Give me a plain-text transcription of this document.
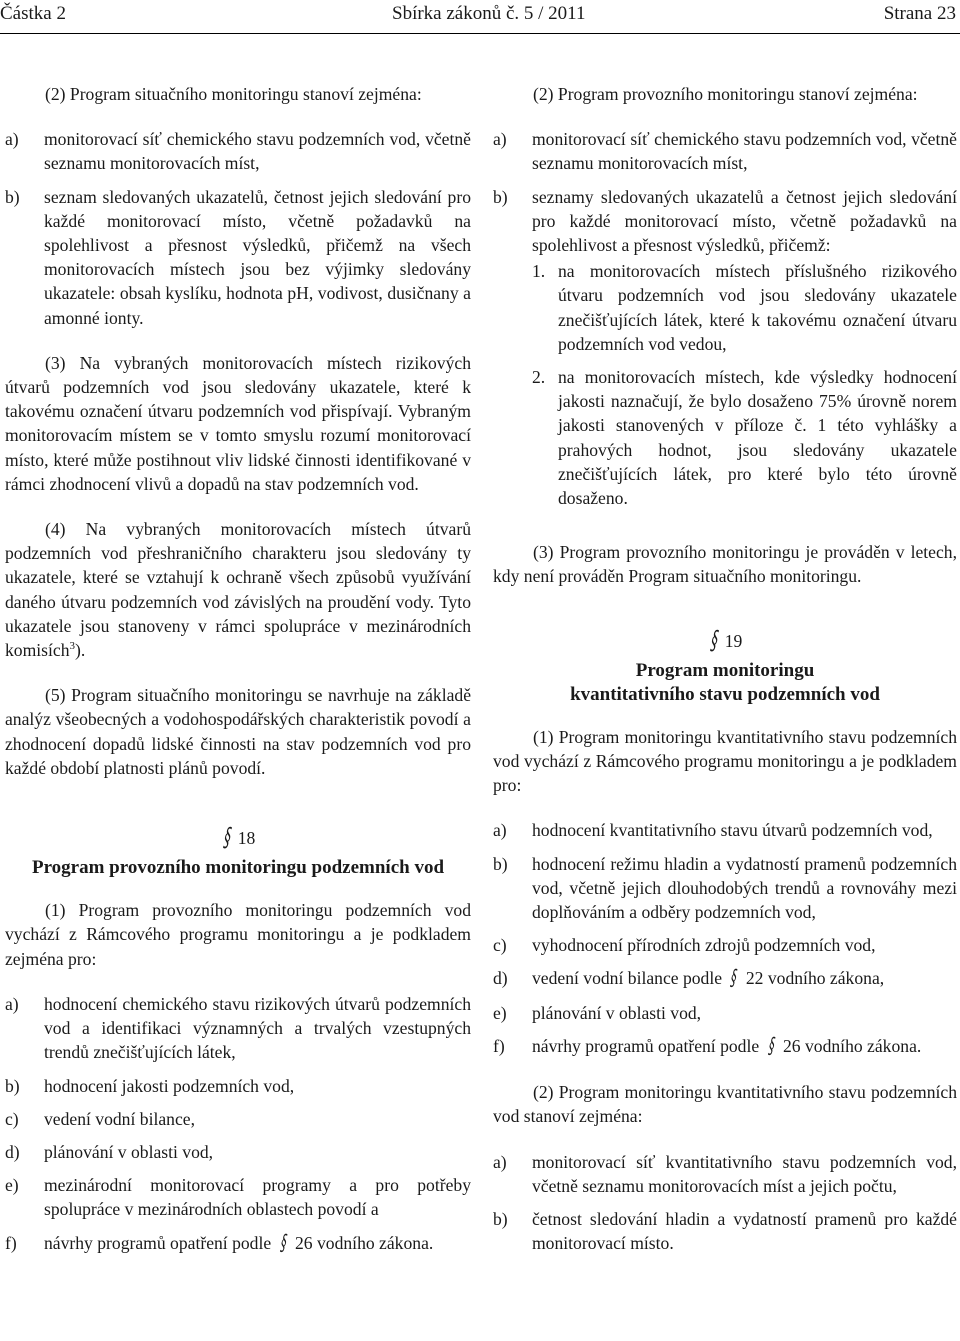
Částka 2	Sbírka zákonů č. 5 / 2011	Strana 23

(2) Program situačního monitoringu stanoví zejména:

a)	monitorovací síť chemického stavu podzemních vod, včetně seznamu monitorovacích míst,
b)	seznam sledovaných ukazatelů, četnost jejich sledování pro každé monitorovací místo, včetně požadavků na spolehlivost a přesnost výsledků, přičemž na všech monitorovacích místech jsou bez výjimky sledovány ukazatele: obsah kyslíku, hodnota pH, vodivost, dusičnany a amonné ionty.

(3) Na vybraných monitorovacích místech rizikových útvarů podzemních vod jsou sledovány ukazatele, které k takovému označení útvaru podzemních vod přispívají. Vybraným monitorovacím místem se v tomto smyslu rozumí monitorovací místo, které může postihnout vliv lidské činnosti identifikované v rámci zhodnocení vlivů a dopadů na stav podzemních vod.

(4) Na vybraných monitorovacích místech útvarů podzemních vod přeshraničního charakteru jsou sledovány ty ukazatele, které se vztahují k ochraně všech způsobů využívání daného útvaru podzemních vod závislých na proudění vody. Tyto ukazatele jsou stanoveny v rámci spolupráce v mezinárodních komisích$^3$).

(5) Program situačního monitoringu se navrhuje na základě analýz všeobecných a vodohospodářských charakteristik povodí a zhodnocení dopadů lidské činnosti na stav podzemních vod pro každé období platnosti plánů povodí.

§ 18
Program provozního monitoringu podzemních vod

(1) Program provozního monitoringu podzemních vod vychází z Rámcového programu monitoringu a je podkladem zejména pro:

a)	hodnocení chemického stavu rizikových útvarů podzemních vod a identifikaci významných a trvalých vzestupných trendů znečišťujících látek,
b)	hodnocení jakosti podzemních vod,
c)	vedení vodní bilance,
d)	plánování v oblasti vod,
e)	mezinárodní monitorovací programy a pro potřeby spolupráce v mezinárodních oblastech povodí a
f)	návrhy programů opatření podle § 26 vodního zákona.

(2) Program provozního monitoringu stanoví zejména:

a)	monitorovací síť chemického stavu podzemních vod, včetně seznamu monitorovacích míst,
b)	seznamy sledovaných ukazatelů a četnost jejich sledování pro každé monitorovací místo, včetně požadavků na spolehlivost a přesnost výsledků, přičemž:
1. na monitorovacích místech příslušného rizikového útvaru podzemních vod jsou sledovány ukazatele znečišťujících látek, které k takovému označení útvaru podzemních vod vedou,
2. na monitorovacích místech, kde výsledky hodnocení jakosti naznačují, že bylo dosaženo 75% úrovně norem jakosti stanovených v příloze č. 1 této vyhlášky a prahových hodnot, jsou sledovány ukazatele znečišťujících látek, pro které bylo této úrovně dosaženo.

(3) Program provozního monitoringu je prováděn v letech, kdy není prováděn Program situačního monitoringu.

§ 19
Program monitoringu
kvantitativního stavu podzemních vod

(1) Program monitoringu kvantitativního stavu podzemních vod vychází z Rámcového programu monitoringu a je podkladem pro:

a)	hodnocení kvantitativního stavu útvarů podzemních vod,
b)	hodnocení režimu hladin a vydatností pramenů podzemních vod, včetně jejich dlouhodobých trendů a rovnováhy mezi doplňováním a odběry podzemních vod,
c)	vyhodnocení přírodních zdrojů podzemních vod,
d)	vedení vodní bilance podle § 22 vodního zákona,
e)	plánování v oblasti vod,
f)	návrhy programů opatření podle § 26 vodního zákona.

(2) Program monitoringu kvantitativního stavu podzemních vod stanoví zejména:

a)	monitorovací síť kvantitativního stavu podzemních vod, včetně seznamu monitorovacích míst a jejich počtu,
b)	četnost sledování hladin a vydatností pramenů pro každé monitorovací místo.
